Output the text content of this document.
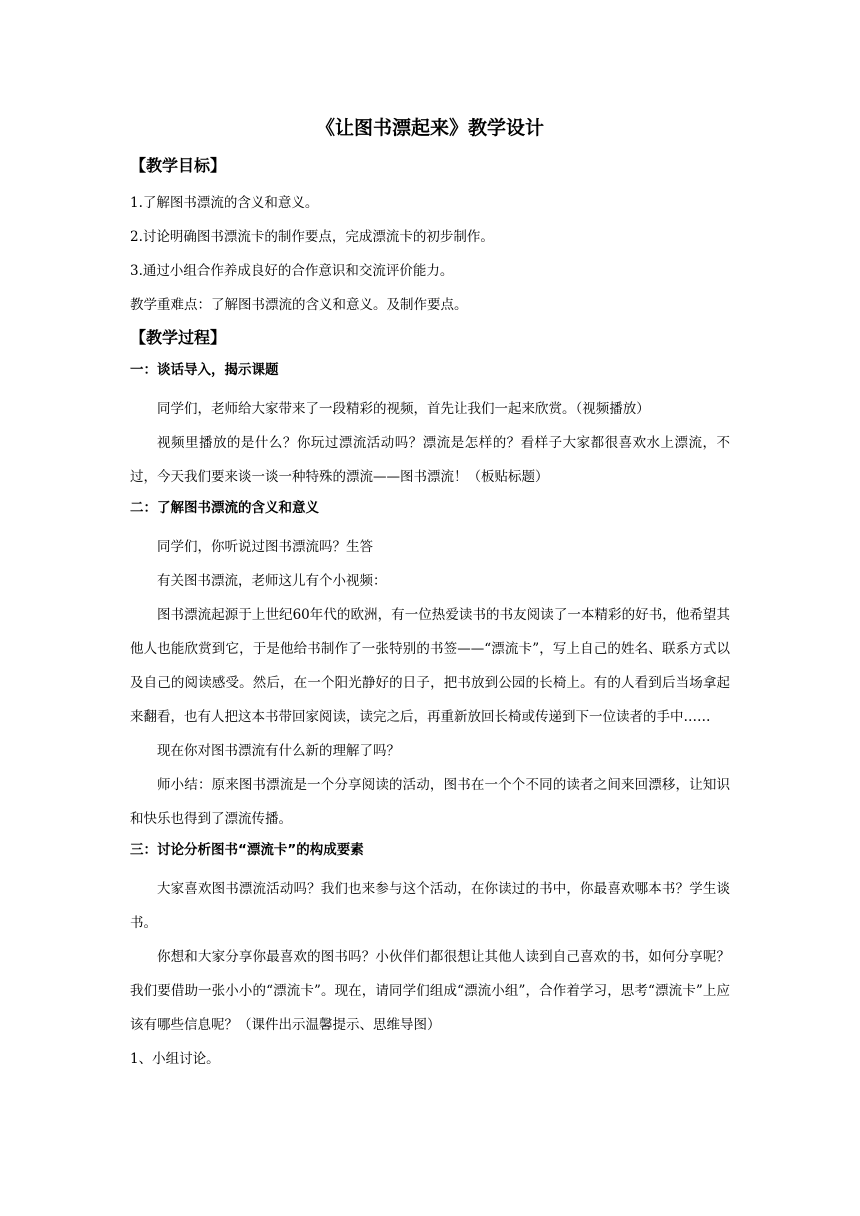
《让图书漂起来》教学设计
【教学目标】

1.了解图书漂流的含义和意义。

2.讨论明确图书漂流卡的制作要点，完成漂流卡的初步制作。

3.通过小组合作养成良好的合作意识和交流评价能力。

教学重难点：了解图书漂流的含义和意义。及制作要点。

【教学过程】
一：谈话导入，揭示课题

同学们，老师给大家带来了一段精彩的视频，首先让我们一起来欣赏。（视频播放）

视频里播放的是什么？你玩过漂流活动吗？漂流是怎样的？看样子大家都很喜欢水上漂流，不过，今天我们要来谈一谈一种特殊的漂流——图书漂流！（板贴标题）

二：了解图书漂流的含义和意义

同学们，你听说过图书漂流吗？生答

有关图书漂流，老师这儿有个小视频：

图书漂流起源于上世纪60年代的欧洲，有一位热爱读书的书友阅读了一本精彩的好书，他希望其他人也能欣赏到它，于是他给书制作了一张特别的书签——“漂流卡”，写上自己的姓名、联系方式以及自己的阅读感受。然后，在一个阳光静好的日子，把书放到公园的长椅上。有的人看到后当场拿起来翻看，也有人把这本书带回家阅读，读完之后，再重新放回长椅或传递到下一位读者的手中……

现在你对图书漂流有什么新的理解了吗？

师小结：原来图书漂流是一个分享阅读的活动，图书在一个个不同的读者之间来回漂移，让知识和快乐也得到了漂流传播。

三：讨论分析图书“漂流卡”的构成要素

大家喜欢图书漂流活动吗？我们也来参与这个活动，在你读过的书中，你最喜欢哪本书？学生谈书。

你想和大家分享你最喜欢的图书吗？小伙伴们都很想让其他人读到自己喜欢的书，如何分享呢？我们要借助一张小小的“漂流卡”。现在，请同学们组成“漂流小组”，合作着学习，思考“漂流卡”上应该有哪些信息呢？（课件出示温馨提示、思维导图）

1、小组讨论。
